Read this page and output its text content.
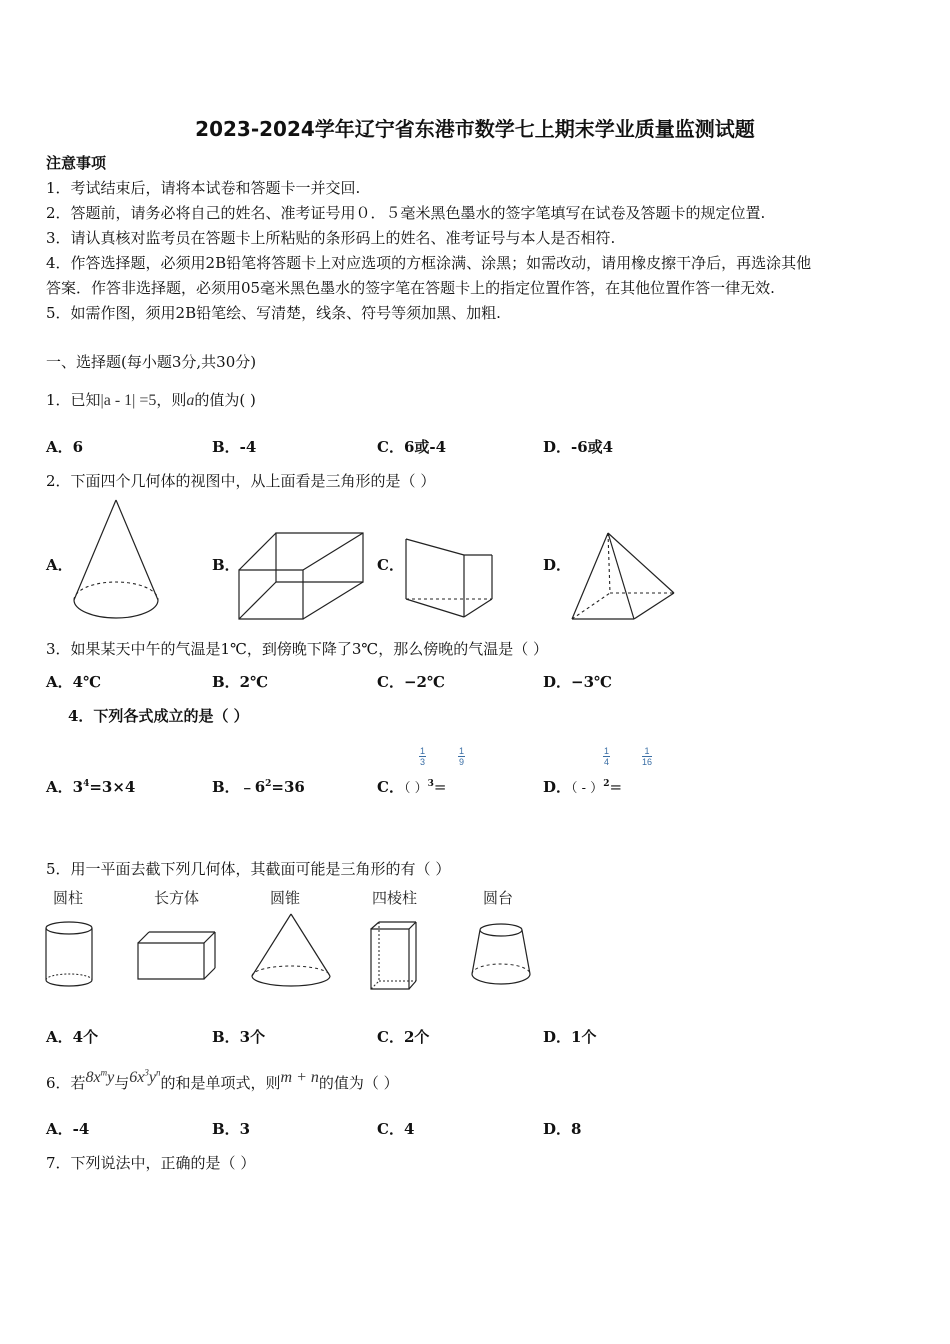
2023-2024学年辽宁省东港市数学七上期末学业质量监测试题
注意事项
1．考试结束后，请将本试卷和答题卡一并交回.
2．答题前，请务必将自己的姓名、准考证号用０．５毫米黑色墨水的签字笔填写在试卷及答题卡的规定位置.
3．请认真核对监考员在答题卡上所粘贴的条形码上的姓名、准考证号与本人是否相符.
4．作答选择题，必须用2B铅笔将答题卡上对应选项的方框涂满、涂黑；如需改动，请用橡皮擦干净后，再选涂其他
答案．作答非选择题，必须用05毫米黑色墨水的签字笔在答题卡上的指定位置作答，在其他位置作答一律无效.
5．如需作图，须用2B铅笔绘、写清楚，线条、符号等须加黑、加粗.
一、选择题(每小题3分,共30分)
1．已知|a - 1| =5，则a的值为( )
A．6	B．-4	C．6或-4	D．-6或4
2．下面四个几何体的视图中，从上面看是三角形的是（ ）
A．	B．	C．	D．
3．如果某天中午的气温是1℃，到傍晚下降了3℃，那么傍晚的气温是（ ）
A．4℃	B．2℃	C．−2℃	D．−3℃
4．下列各式成立的是（ ）
A．$3^4=3\times 4$	B．$﹣6^2=36$	C．（ ）$^3$=
$\frac{1}{3}$	$\frac{1}{9}$
D．（ - ）$^2$=
$\frac{1}{4}$	$\frac{1}{16}$
5．用一平面去截下列几何体，其截面可能是三角形的有（ ）
圆柱	长方体	圆锥	四棱柱	圆台
A．4个	B．3个	C．2个	D．1个
6．若$8x^my$与$6x^3y^n$的和是单项式，则m + n的值为（ ）
A．-4	B．3	C．4	D．8
7．下列说法中，正确的是（ ）
